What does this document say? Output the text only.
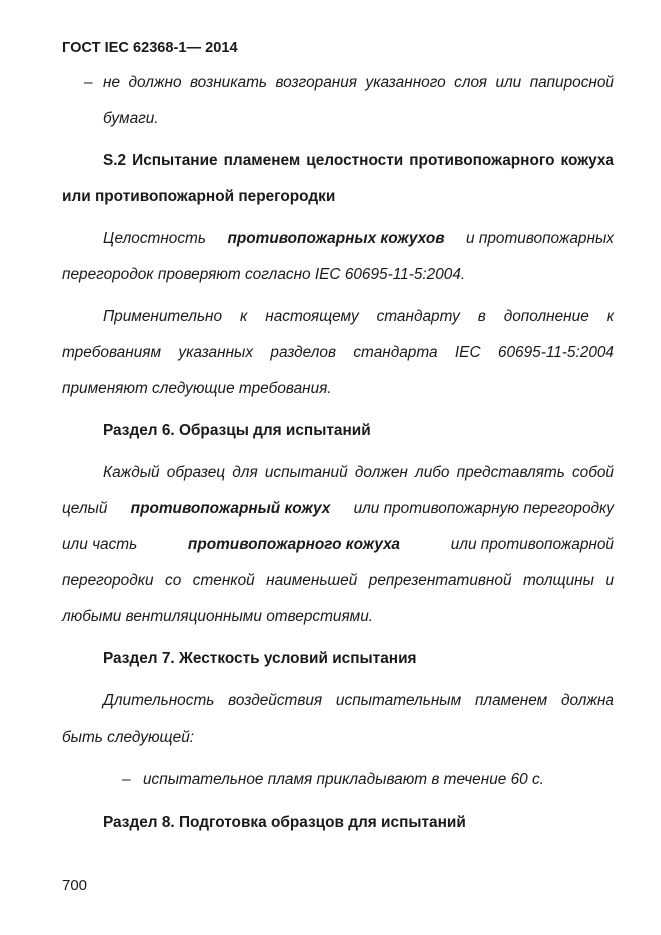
ГОСТ IEC 62368-1— 2014
– не должно возникать возгорания указанного слоя или папиросной
бумаги.
S.2 Испытание пламенем целостности противопожарного кожуха
или противопожарной перегородки
Целостность противопожарных кожухов и противопожарных
перегородок проверяют согласно IEC 60695-11-5:2004.
Применительно к настоящему стандарту в дополнение к
требованиям указанных разделов стандарта IEC 60695-11-5:2004
применяют следующие требования.
Раздел 6. Образцы для испытаний
Каждый образец для испытаний должен либо представлять собой
целый противопожарный кожух или противопожарную перегородку
или часть	противопожарного кожуха	или противопожарной
перегородки со стенкой наименьшей репрезентативной толщины и
любыми вентиляционными отверстиями.
Раздел 7. Жесткость условий испытания
Длительность воздействия испытательным пламенем должна
быть следующей:
– испытательное пламя прикладывают в течение 60 с.
Раздел 8. Подготовка образцов для испытаний
700
